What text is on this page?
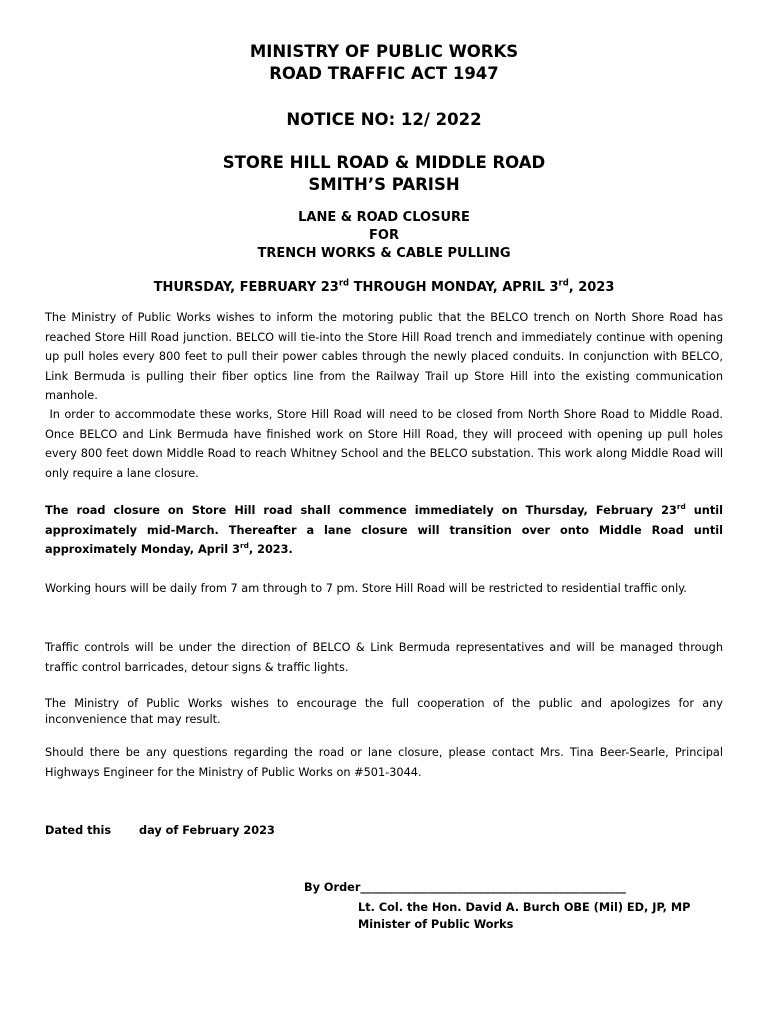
MINISTRY OF PUBLIC WORKS
ROAD TRAFFIC ACT 1947
NOTICE NO: 12/ 2022
STORE HILL ROAD & MIDDLE ROAD
SMITH’S PARISH
LANE & ROAD CLOSURE
FOR
TRENCH WORKS & CABLE PULLING
THURSDAY, FEBRUARY 23rd THROUGH MONDAY, APRIL 3rd, 2023
The Ministry of Public Works wishes to inform the motoring public that the BELCO trench on North Shore Road has reached Store Hill Road junction. BELCO will tie-into the Store Hill Road trench and immediately continue with opening up pull holes every 800 feet to pull their power cables through the newly placed conduits. In conjunction with BELCO, Link Bermuda is pulling their fiber optics line from the Railway Trail up Store Hill into the existing communication manhole.
In order to accommodate these works, Store Hill Road will need to be closed from North Shore Road to Middle Road. Once BELCO and Link Bermuda have finished work on Store Hill Road, they will proceed with opening up pull holes every 800 feet down Middle Road to reach Whitney School and the BELCO substation. This work along Middle Road will only require a lane closure.
The road closure on Store Hill road shall commence immediately on Thursday, February 23rd until approximately mid-March. Thereafter a lane closure will transition over onto Middle Road until approximately Monday, April 3rd, 2023.
Working hours will be daily from 7 am through to 7 pm. Store Hill Road will be restricted to residential traffic only.
Traffic controls will be under the direction of BELCO & Link Bermuda representatives and will be managed through traffic control barricades, detour signs & traffic lights.
The Ministry of Public Works wishes to encourage the full cooperation of the public and apologizes for any inconvenience that may result.
Should there be any questions regarding the road or lane closure, please contact Mrs. Tina Beer-Searle, Principal Highways Engineer for the Ministry of Public Works on #501-3044.
Dated this day of February 2023
By Order_______________________________________________
Lt. Col. the Hon. David A. Burch OBE (Mil) ED, JP, MP
Minister of Public Works
